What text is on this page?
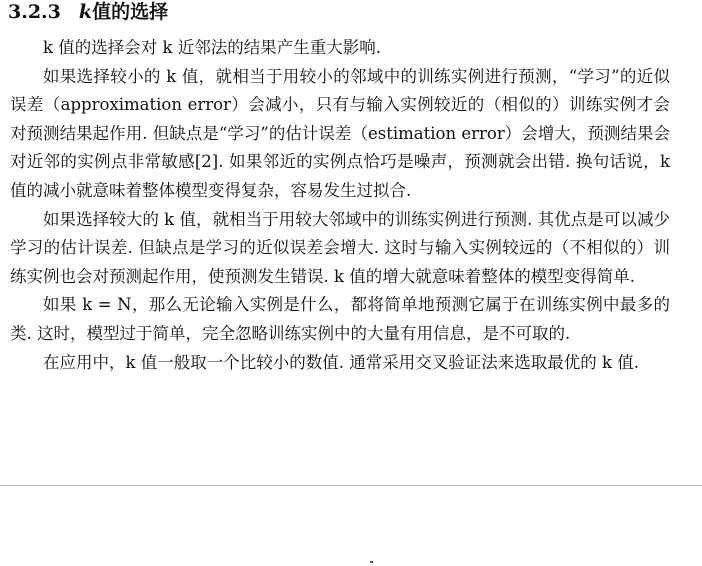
3.2.3 k值的选择

k 值的选择会对 k 近邻法的结果产生重大影响.

如果选择较小的 k 值，就相当于用较小的邻域中的训练实例进行预测，“学习”的近似误差（approximation error）会减小，只有与输入实例较近的（相似的）训练实例才会对预测结果起作用. 但缺点是“学习”的估计误差（estimation error）会增大，预测结果会对近邻的实例点非常敏感[2]. 如果邻近的实例点恰巧是噪声，预测就会出错. 换句话说，k 值的减小就意味着整体模型变得复杂，容易发生过拟合.

如果选择较大的 k 值，就相当于用较大邻域中的训练实例进行预测. 其优点是可以减少学习的估计误差. 但缺点是学习的近似误差会增大. 这时与输入实例较远的（不相似的）训练实例也会对预测起作用，使预测发生错误. k 值的增大就意味着整体的模型变得简单.

如果 k = N，那么无论输入实例是什么，都将简单地预测它属于在训练实例中最多的类. 这时，模型过于简单，完全忽略训练实例中的大量有用信息，是不可取的.

在应用中，k 值一般取一个比较小的数值. 通常采用交叉验证法来选取最优的 k 值.
